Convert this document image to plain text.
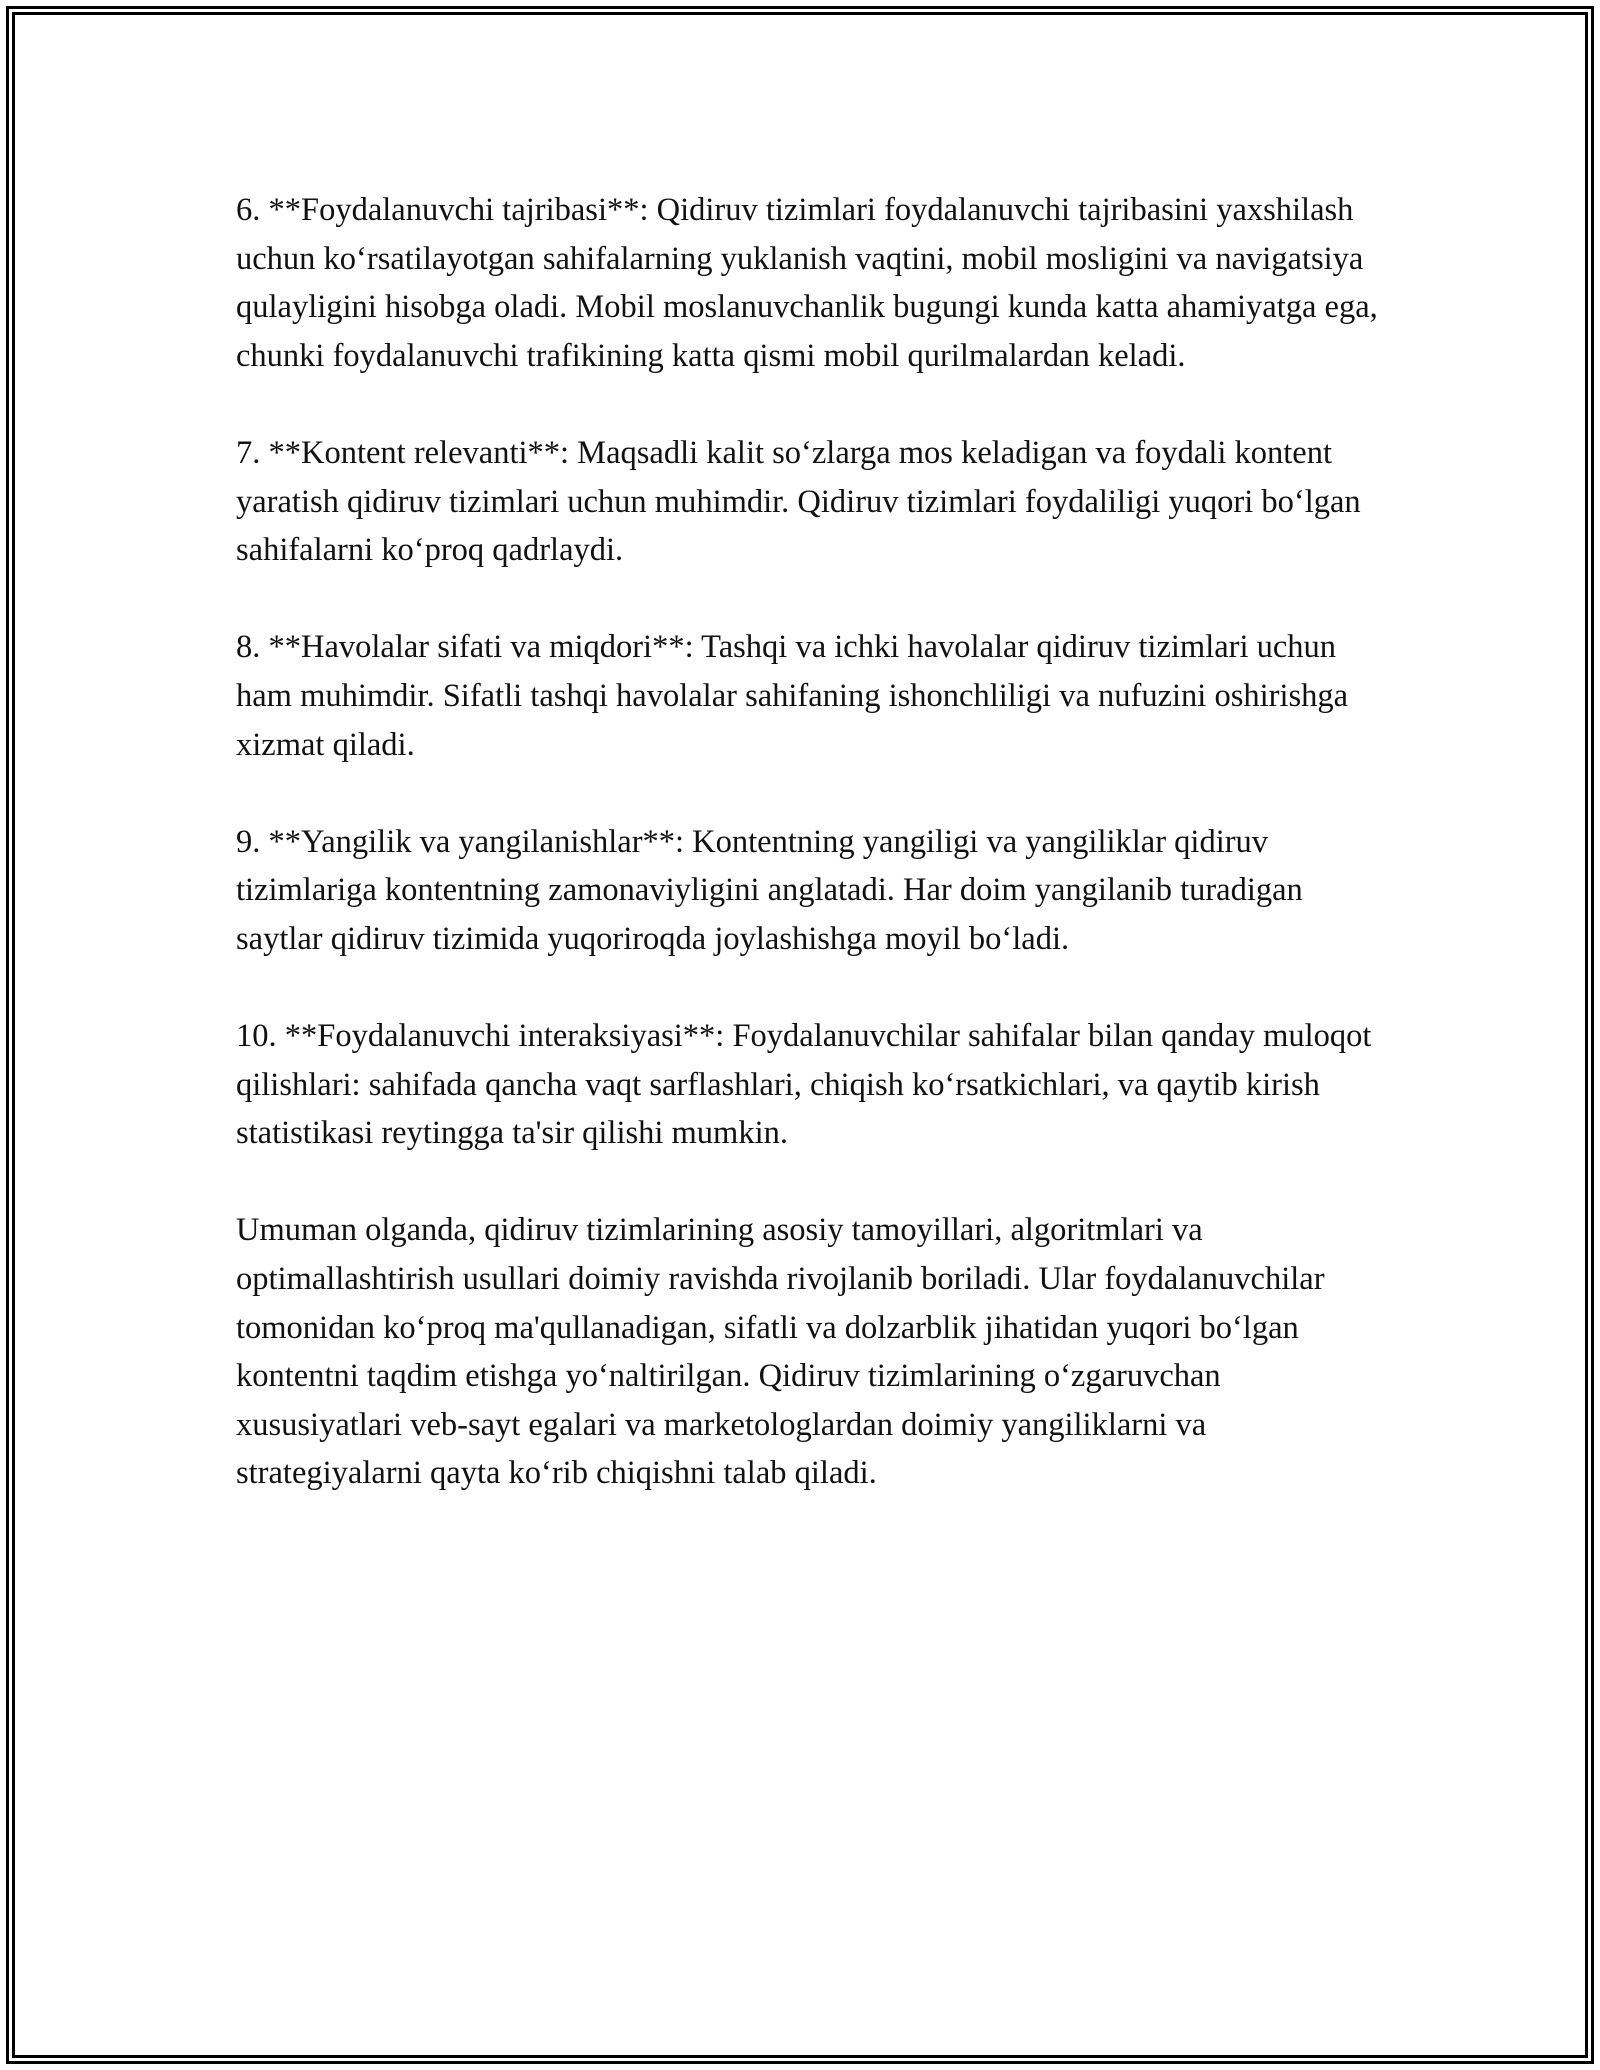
6. **Foydalanuvchi tajribasi**: Qidiruv tizimlari foydalanuvchi tajribasini yaxshilash uchun koʻrsatilayotgan sahifalarning yuklanish vaqtini, mobil mosligini va navigatsiya qulayligini hisobga oladi. Mobil moslanuvchanlik bugungi kunda katta ahamiyatga ega, chunki foydalanuvchi trafikining katta qismi mobil qurilmalardan keladi.

7. **Kontent relevanti**: Maqsadli kalit soʻzlarga mos keladigan va foydali kontent yaratish qidiruv tizimlari uchun muhimdir. Qidiruv tizimlari foydaliligi yuqori boʻlgan sahifalarni koʻproq qadrlaydi.

8. **Havolalar sifati va miqdori**: Tashqi va ichki havolalar qidiruv tizimlari uchun ham muhimdir. Sifatli tashqi havolalar sahifaning ishonchliligi va nufuzini oshirishga xizmat qiladi.

9. **Yangilik va yangilanishlar**: Kontentning yangiligi va yangiliklar qidiruv tizimlariga kontentning zamonaviyligini anglatadi. Har doim yangilanib turadigan saytlar qidiruv tizimida yuqoriroqda joylashishga moyil boʻladi.

10. **Foydalanuvchi interaksiyasi**: Foydalanuvchilar sahifalar bilan qanday muloqot qilishlari: sahifada qancha vaqt sarflashlari, chiqish koʻrsatkichlari, va qaytib kirish statistikasi reytingga ta'sir qilishi mumkin.

Umuman olganda, qidiruv tizimlarining asosiy tamoyillari, algoritmlari va optimallashtirish usullari doimiy ravishda rivojlanib boriladi. Ular foydalanuvchilar tomonidan koʻproq ma'qullanadigan, sifatli va dolzarblik jihatidan yuqori boʻlgan kontentni taqdim etishga yoʻnaltirilgan. Qidiruv tizimlarining oʻzgaruvchan xususiyatlari veb-sayt egalari va marketologlardan doimiy yangiliklarni va strategiyalarni qayta koʻrib chiqishni talab qiladi.
